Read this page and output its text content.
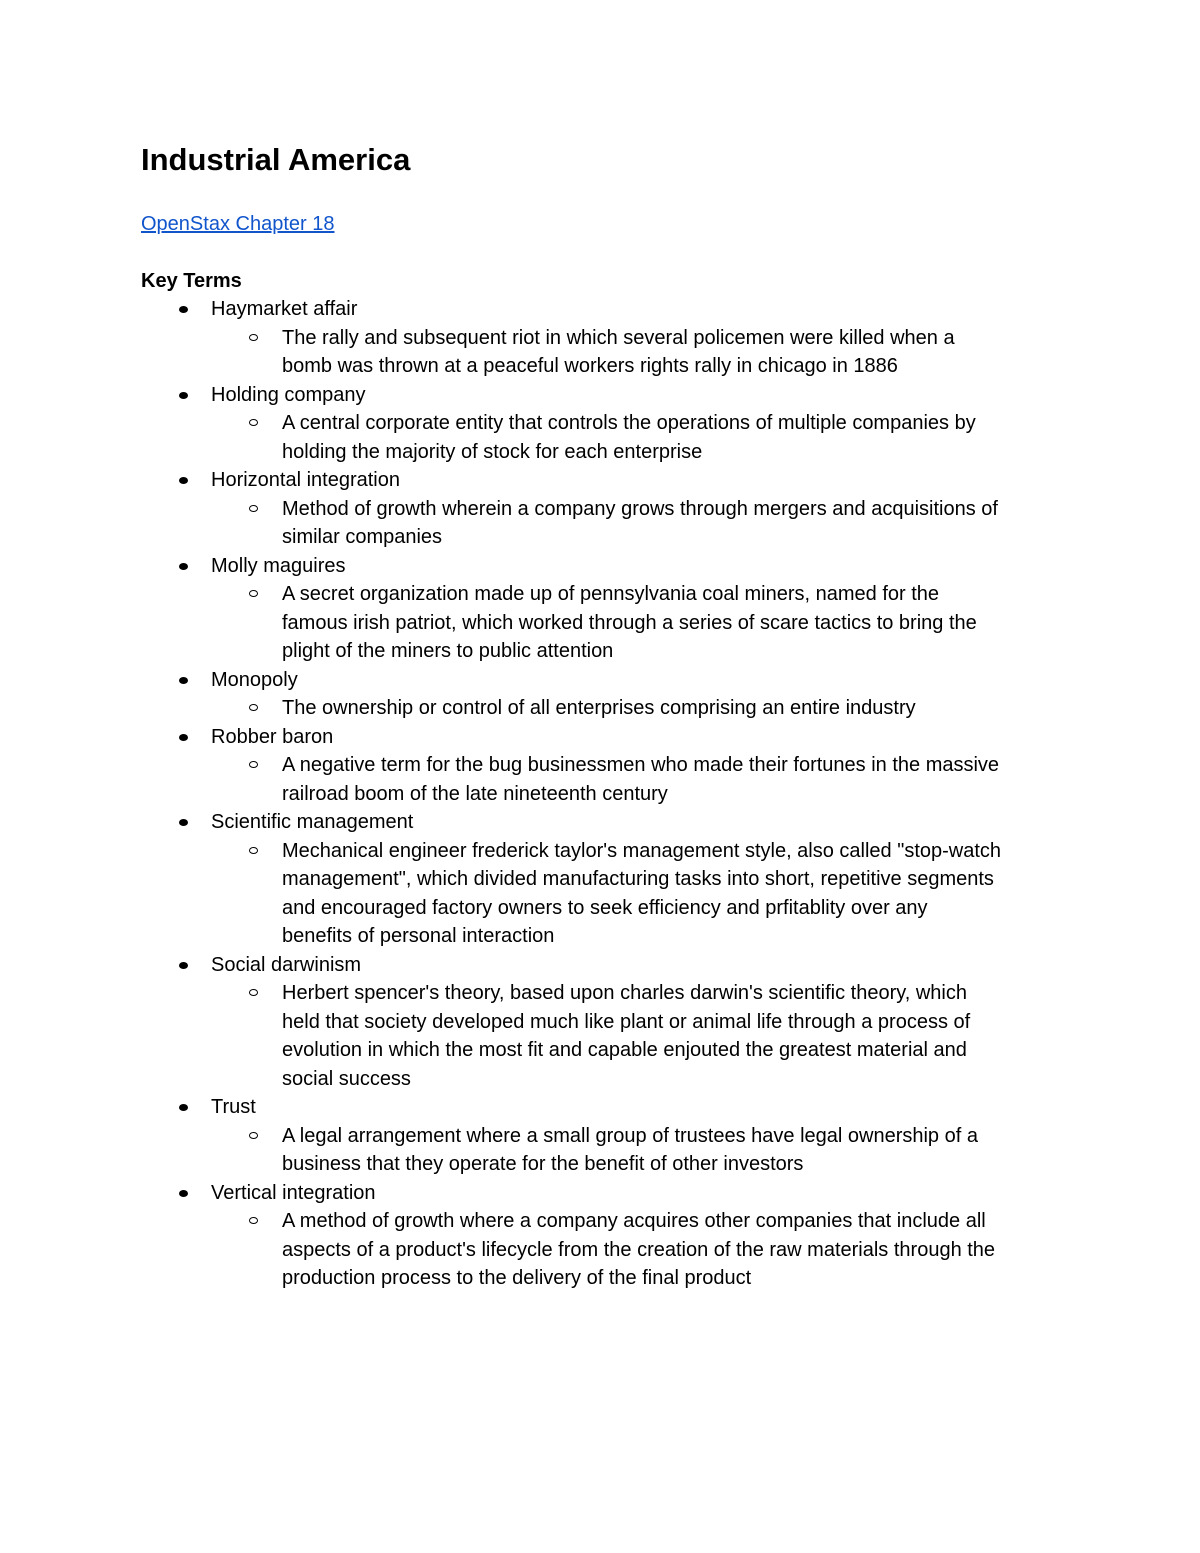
Industrial America
OpenStax Chapter 18
Key Terms
Haymarket affair
The rally and subsequent riot in which several policemen were killed when a
bomb was thrown at a peaceful workers rights rally in chicago in 1886
Holding company
A central corporate entity that controls the operations of multiple companies by
holding the majority of stock for each enterprise
Horizontal integration
Method of growth wherein a company grows through mergers and acquisitions of
similar companies
Molly maguires
A secret organization made up of pennsylvania coal miners, named for the
famous irish patriot, which worked through a series of scare tactics to bring the
plight of the miners to public attention
Monopoly
The ownership or control of all enterprises comprising an entire industry
Robber baron
A negative term for the bug businessmen who made their fortunes in the massive
railroad boom of the late nineteenth century
Scientific management
Mechanical engineer frederick taylor's management style, also called "stop-watch
management", which divided manufacturing tasks into short, repetitive segments
and encouraged factory owners to seek efficiency and prfitablity over any
benefits of personal interaction
Social darwinism
Herbert spencer's theory, based upon charles darwin's scientific theory, which
held that society developed much like plant or animal life through a process of
evolution in which the most fit and capable enjouted the greatest material and
social success
Trust
A legal arrangement where a small group of trustees have legal ownership of a
business that they operate for the benefit of other investors
Vertical integration
A method of growth where a company acquires other companies that include all
aspects of a product's lifecycle from the creation of the raw materials through the
production process to the delivery of the final product
